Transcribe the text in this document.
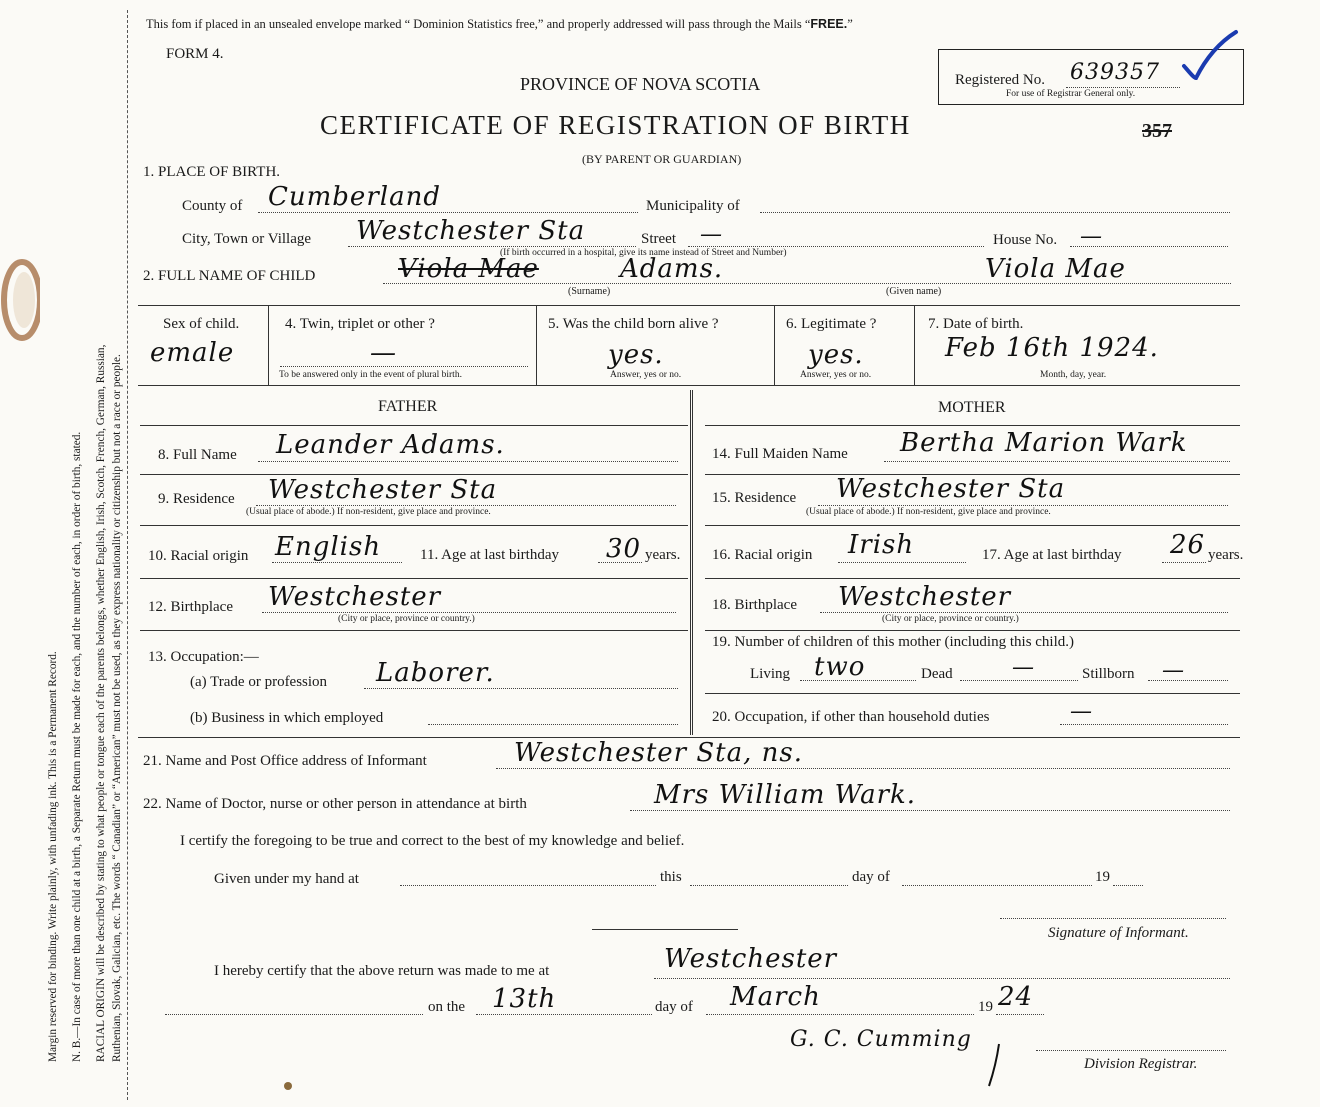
Margin reserved for binding. Write plainly, with unfading ink. This is a Permanent Record. N. B.—In case of more than one child at a birth, a Separate Return must be made for each, and the number of each, in order of birth, stated. RACIAL ORIGIN will be described by stating to what people or tongue each of the parents belongs, whether English, Irish, Scotch, French, German, Russian, Ruthenian, Slovak, Galician, etc. The words “ Canadian” or “American” must not be used, as they express nationality or citizenship but not a race or people.
This fom if placed in an unsealed envelope marked “ Dominion Statistics free,” and properly addressed will pass through the Mails “FREE.”
FORM 4.
PROVINCE OF NOVA SCOTIA
CERTIFICATE OF REGISTRATION OF BIRTH
(BY PARENT OR GUARDIAN)
357
Registered No. 639357
For use of Registrar General only.
1. PLACE OF BIRTH.
County of Cumberland	Municipality of
City, Town or Village Westchester Sta	Street —	House No. —
(If birth occurred in a hospital, give its name instead of Street and Number)
2. FULL NAME OF CHILD	Viola Mae	Adams.	Viola Mae
(Surname)	(Given name)
Sex of child.
emale
4. Twin, triplet or other ?
—
To be answered only in the event of plural birth.
5. Was the child born alive ?
yes.
Answer, yes or no.
6. Legitimate ?
yes.
Answer, yes or no.
7. Date of birth.
Feb 16th 1924.
Month, day, year.
FATHER	MOTHER
8. Full Name Leander Adams.
9. Residence Westchester Sta
(Usual place of abode.) If non-resident, give place and province.
10. Racial origin English	11. Age at last birthday 30 years.
12. Birthplace Westchester
(City or place, province or country.)
13. Occupation:—
(a) Trade or profession Laborer.
(b) Business in which employed
14. Full Maiden Name Bertha Marion Wark
15. Residence Westchester Sta
(Usual place of abode.) If non-resident, give place and province.
16. Racial origin Irish	17. Age at last birthday 26 years.
18. Birthplace Westchester
(City or place, province or country.)
19. Number of children of this mother (including this child.)
Living two	Dead	—	Stillborn —
20. Occupation, if other than household duties	—
21. Name and Post Office address of Informant	Westchester Sta, ns.
22. Name of Doctor, nurse or other person in attendance at birth	Mrs William Wark.
I certify the foregoing to be true and correct to the best of my knowledge and belief.
Given under my hand at	this	day of	19
Signature of Informant.
I hereby certify that the above return was made to me at	Westchester
on the 13th	day of March	19 24
G. C. Cumming
Division Registrar.
